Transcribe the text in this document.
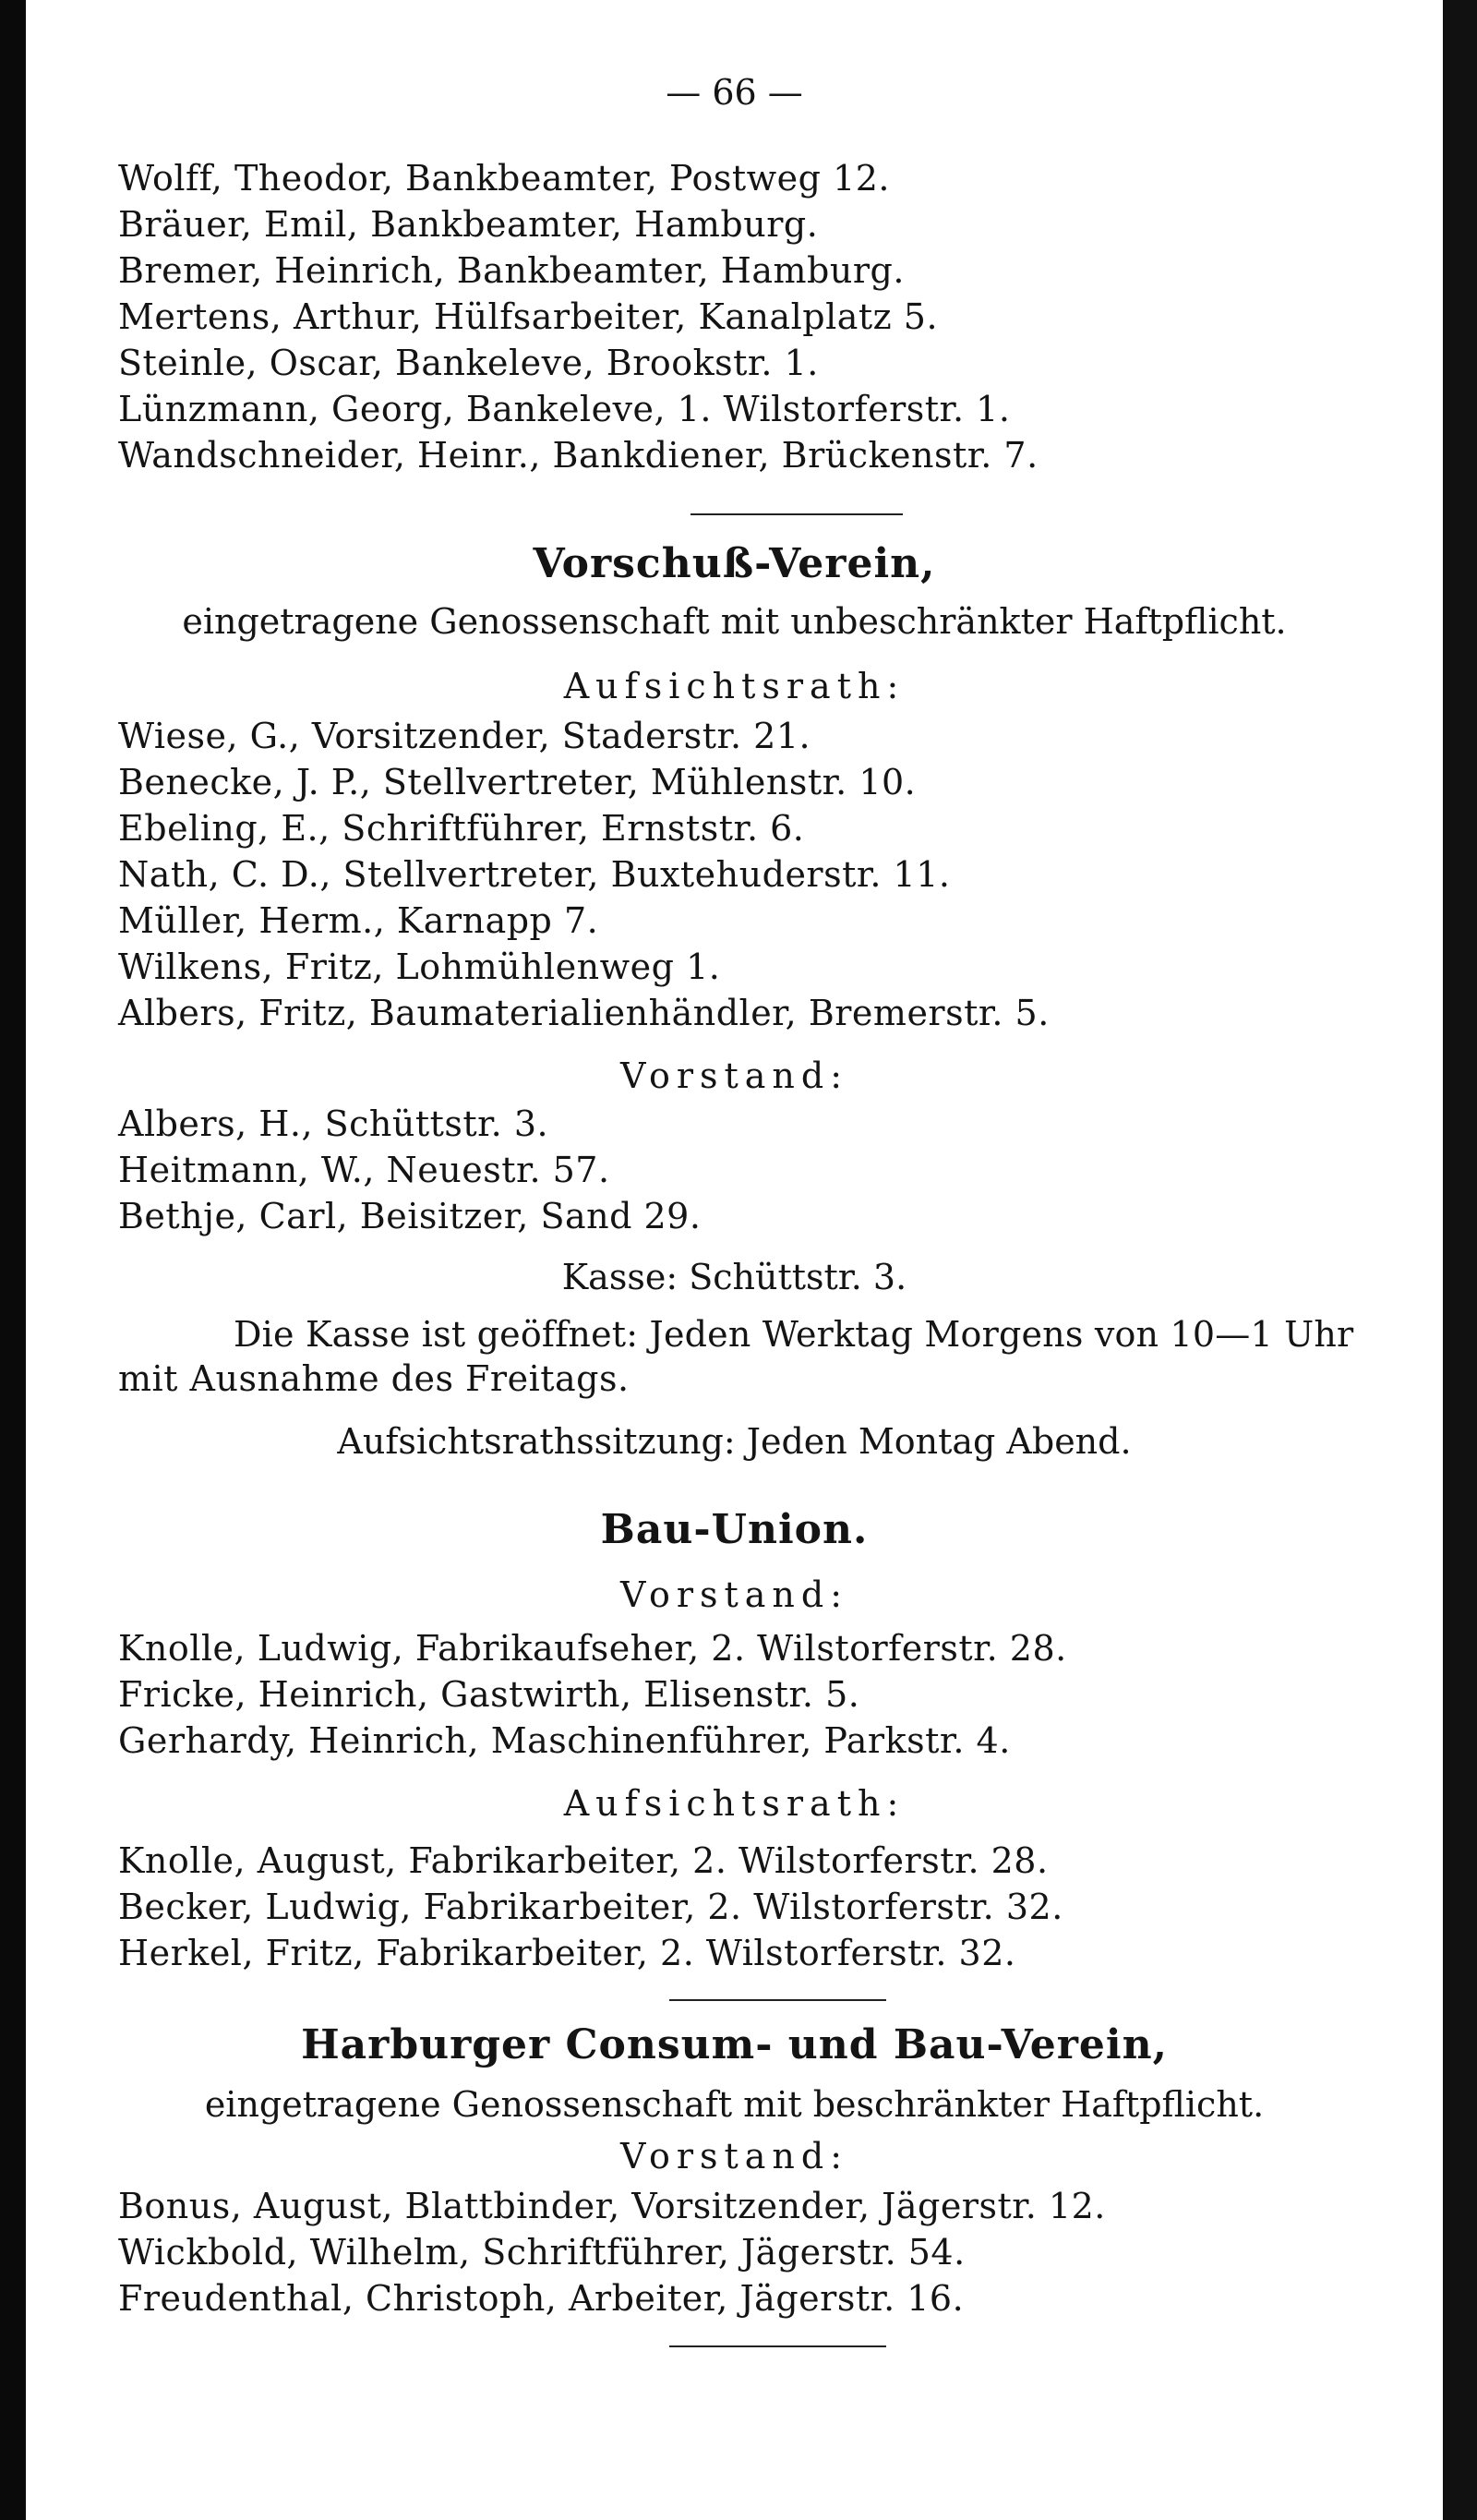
— 66 —

Wolff, Theodor, Bankbeamter, Postweg 12.

Bräuer, Emil, Bankbeamter, Hamburg.

Bremer, Heinrich, Bankbeamter, Hamburg.

Mertens, Arthur, Hülfsarbeiter, Kanalplatz 5.

Steinle, Oscar, Bankeleve, Brookstr. 1.

Lünzmann, Georg, Bankeleve, 1. Wilstorferstr. 1.

Wandschneider, Heinr., Bankdiener, Brückenstr. 7.

Vorschuß-Verein,

eingetragene Genossenschaft mit unbeschränkter Haftpflicht.

Aufsichtsrath:

Wiese, G., Vorsitzender, Staderstr. 21.

Benecke, J. P., Stellvertreter, Mühlenstr. 10.

Ebeling, E., Schriftführer, Ernststr. 6.

Nath, C. D., Stellvertreter, Buxtehuderstr. 11.

Müller, Herm., Karnapp 7.

Wilkens, Fritz, Lohmühlenweg 1.

Albers, Fritz, Baumaterialienhändler, Bremerstr. 5.

Vorstand:

Albers, H., Schüttstr. 3.

Heitmann, W., Neuestr. 57.

Bethje, Carl, Beisitzer, Sand 29.

Kasse: Schüttstr. 3.

Die Kasse ist geöffnet: Jeden Werktag Morgens von 10—1 Uhr

mit Ausnahme des Freitags.

Aufsichtsrathssitzung: Jeden Montag Abend.

Bau-Union.

Vorstand:

Knolle, Ludwig, Fabrikaufseher, 2. Wilstorferstr. 28.

Fricke, Heinrich, Gastwirth, Elisenstr. 5.

Gerhardy, Heinrich, Maschinenführer, Parkstr. 4.

Aufsichtsrath:

Knolle, August, Fabrikarbeiter, 2. Wilstorferstr. 28.

Becker, Ludwig, Fabrikarbeiter, 2. Wilstorferstr. 32.

Herkel, Fritz, Fabrikarbeiter, 2. Wilstorferstr. 32.

Harburger Consum- und Bau-Verein,

eingetragene Genossenschaft mit beschränkter Haftpflicht.

Vorstand:

Bonus, August, Blattbinder, Vorsitzender, Jägerstr. 12.

Wickbold, Wilhelm, Schriftführer, Jägerstr. 54.

Freudenthal, Christoph, Arbeiter, Jägerstr. 16.
